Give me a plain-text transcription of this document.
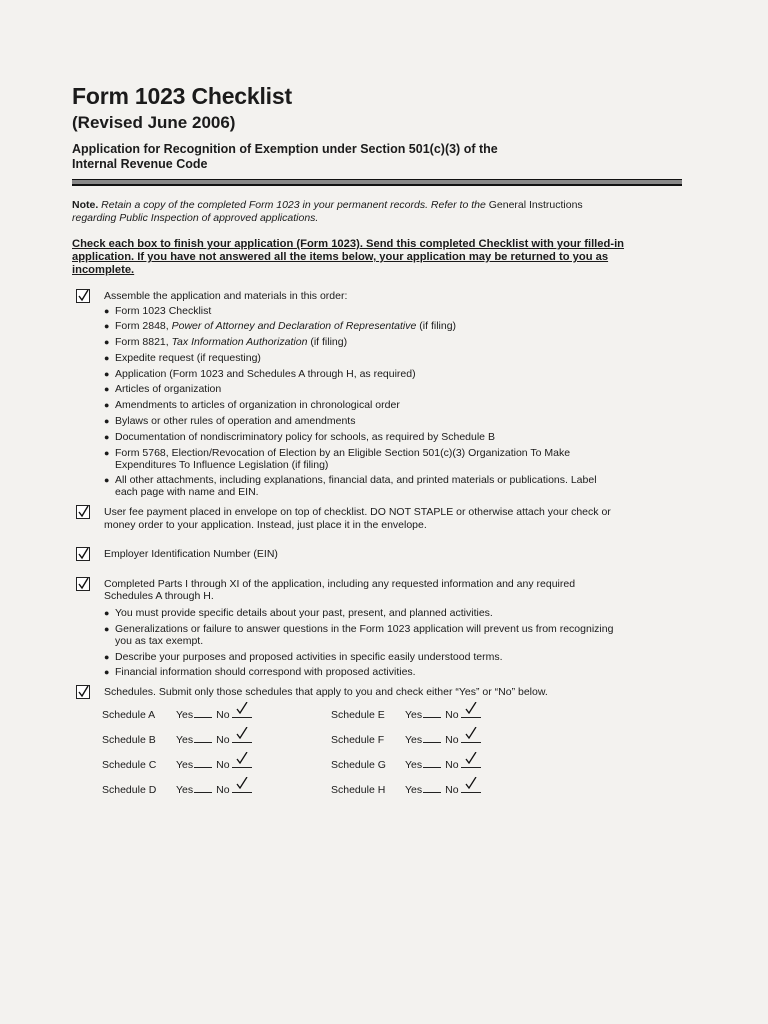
Form 1023 Checklist
(Revised June 2006)
Application for Recognition of Exemption under Section 501(c)(3) of the
Internal Revenue Code
Note. Retain a copy of the completed Form 1023 in your permanent records. Refer to the General Instructions
regarding Public Inspection of approved applications.
Check each box to finish your application (Form 1023). Send this completed Checklist with your filled-in
application. If you have not answered all the items below, your application may be returned to you as
incomplete.
Assemble the application and materials in this order:
● Form 1023 Checklist
● Form 2848, Power of Attorney and Declaration of Representative (if filing)
● Form 8821, Tax Information Authorization (if filing)
● Expedite request (if requesting)
● Application (Form 1023 and Schedules A through H, as required)
● Articles of organization
● Amendments to articles of organization in chronological order
● Bylaws or other rules of operation and amendments
● Documentation of nondiscriminatory policy for schools, as required by Schedule B
● Form 5768, Election/Revocation of Election by an Eligible Section 501(c)(3) Organization To Make
Expenditures To Influence Legislation (if filing)
● All other attachments, including explanations, financial data, and printed materials or publications. Label
each page with name and EIN.
User fee payment placed in envelope on top of checklist. DO NOT STAPLE or otherwise attach your check or
money order to your application. Instead, just place it in the envelope.
Employer Identification Number (EIN)
Completed Parts I through XI of the application, including any requested information and any required
Schedules A through H.
● You must provide specific details about your past, present, and planned activities.
● Generalizations or failure to answer questions in the Form 1023 application will prevent us from recognizing
you as tax exempt.
● Describe your purposes and proposed activities in specific easily understood terms.
● Financial information should correspond with proposed activities.
Schedules. Submit only those schedules that apply to you and check either “Yes” or “No” below.
Schedule A Yes No	Schedule E Yes No
Schedule B Yes No	Schedule F Yes No
Schedule C Yes No	Schedule G Yes No
Schedule D Yes No	Schedule H Yes No
